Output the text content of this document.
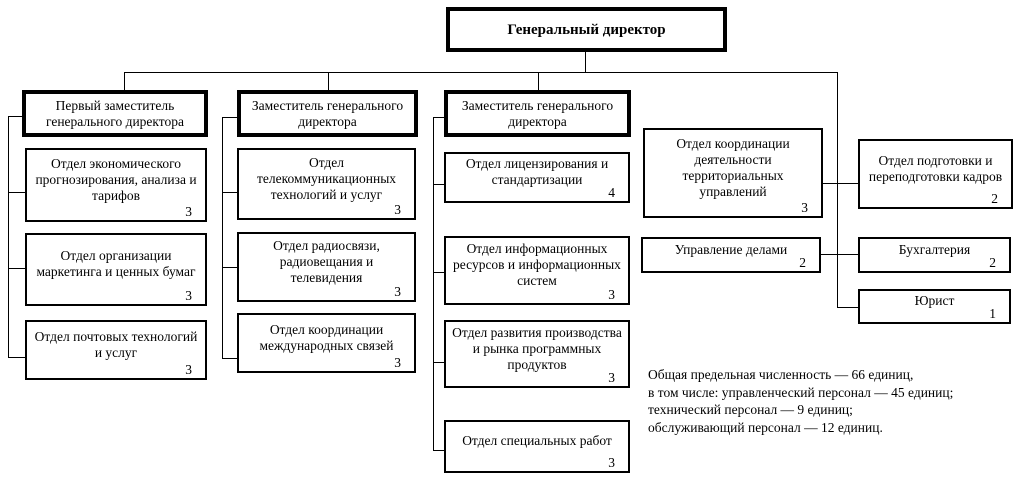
Генеральный директор
Первый заместитель генерального директора
Заместитель генерального директора
Заместитель генерального директора
Отдел экономического прогнозирования, анализа и тарифов
3
Отдел организации маркетинга и ценных бумаг
3
Отдел почтовых технологий и услуг
3
Отдел телекоммуникационных технологий и услуг
3
Отдел радиосвязи, радиовещания и телевидения
3
Отдел координации международных связей
3
Отдел лицензирования и стандартизации
4
Отдел информационных ресурсов и информационных систем
3
Отдел развития производства и рынка программных продуктов
3
Отдел специальных работ
3
Отдел координации деятельности территориальных управлений
3
Управление делами
2
Отдел подготовки и переподготовки кадров
2
Бухгалтерия
2
Юрист
1
Общая предельная численность — 66 единиц,
в том числе: управленческий персонал — 45 единиц;
технический персонал — 9 единиц;
обслуживающий персонал — 12 единиц.
